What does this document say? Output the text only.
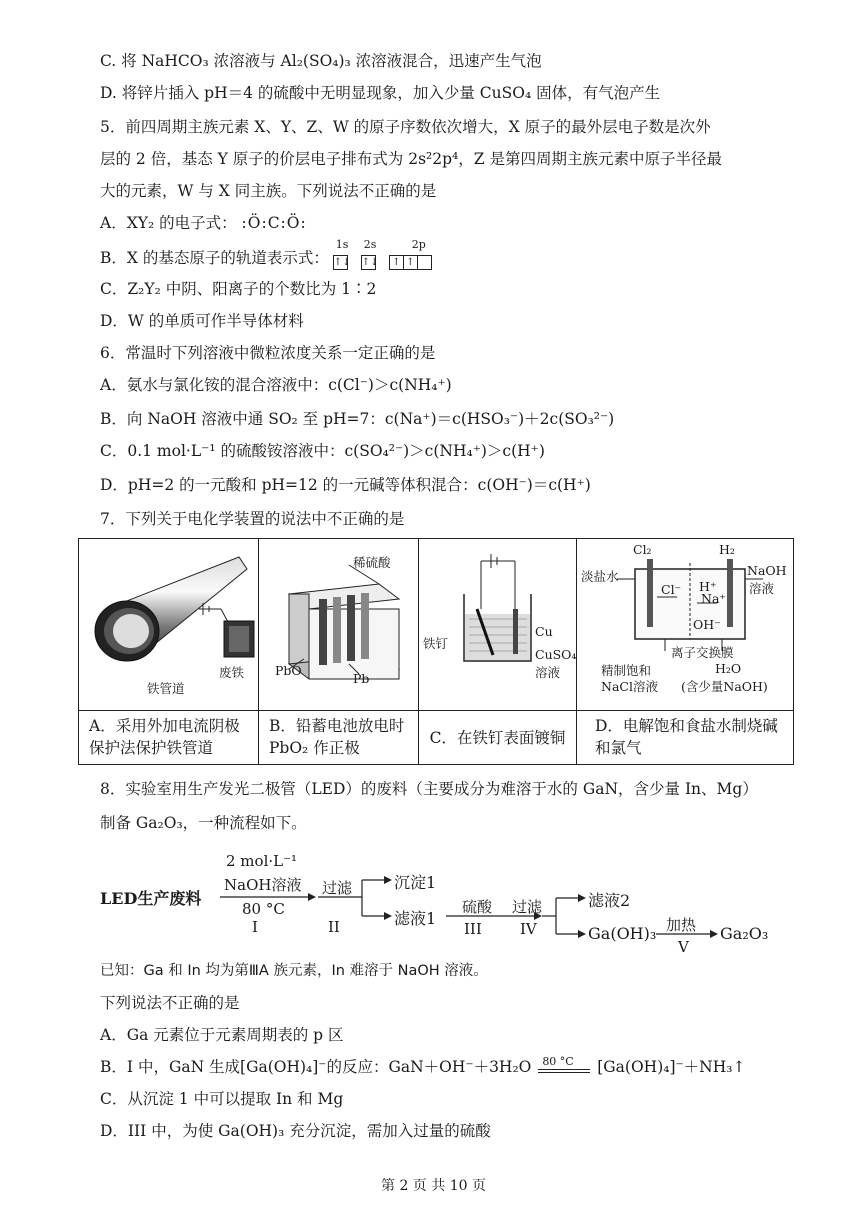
C. 将 NaHCO₃ 浓溶液与 Al₂(SO₄)₃ 浓溶液混合，迅速产生气泡
D. 将锌片插入 pH＝4 的硫酸中无明显现象，加入少量 CuSO₄ 固体，有气泡产生
5．前四周期主族元素 X、Y、Z、W 的原子序数依次增大，X 原子的最外层电子数是次外
层的 2 倍，基态 Y 原子的价层电子排布式为 2s²2p⁴，Z 是第四周期主族元素中原子半径最
大的元素，W 与 X 同主族。下列说法不正确的是
A．XY₂ 的电子式： :Ö:C:Ö:
B．X 的基态原子的轨道表示式：
1s 2s	2p
↑↓ ↑↓ ↑ ↑
C．Z₂Y₂ 中阴、阳离子的个数比为 1∶2
D．W 的单质可作半导体材料
6．常温时下列溶液中微粒浓度关系一定正确的是
A．氨水与氯化铵的混合溶液中：c(Cl⁻)＞c(NH₄⁺)
B．向 NaOH 溶液中通 SO₂ 至 pH=7：c(Na⁺)＝c(HSO₃⁻)＋2c(SO₃²⁻)
C．0.1 mol·L⁻¹ 的硫酸铵溶液中：c(SO₄²⁻)＞c(NH₄⁺)＞c(H⁺)
D．pH=2 的一元酸和 pH=12 的一元碱等体积混合：c(OH⁻)＝c(H⁺)
7．下列关于电化学装置的说法中不正确的是
铁管道
废铁
稀硫酸
PbO
Pb
铁钉
Cu
CuSO₄
溶液
Cl₂	H₂
淡盐水	NaOH
溶液
Cl⁻
Na⁺
H⁺
OH⁻
离子交换膜
精制饱和
NaCl溶液
H₂O
(含少量NaOH)
A．采用外加电流阴极保护法保护铁管道
B．铅蓄电池放电时 PbO₂ 作正极
C．在铁钉表面镀铜
D．电解饱和食盐水制烧碱和氯气
8．实验室用生产发光二极管（LED）的废料（主要成分为难溶于水的 GaN，含少量 In、Mg）
制备 Ga₂O₃，一种流程如下。
LED生产废料
2 mol·L⁻¹
NaOH溶液
80 °C
I
过滤
II
沉淀1
滤液1
硫酸
III
过滤
IV
滤液2
Ga(OH)₃ 加热
V
Ga₂O₃
已知：Ga 和 In 均为第ⅢA 族元素，In 难溶于 NaOH 溶液。
下列说法不正确的是
A．Ga 元素位于元素周期表的 p 区
B．I 中，GaN 生成[Ga(OH)₄]⁻的反应：GaN＋OH⁻＋3H₂O 80 °C [Ga(OH)₄]⁻＋NH₃↑
C．从沉淀 1 中可以提取 In 和 Mg
D．III 中，为使 Ga(OH)₃ 充分沉淀，需加入过量的硫酸
第 2 页 共 10 页
